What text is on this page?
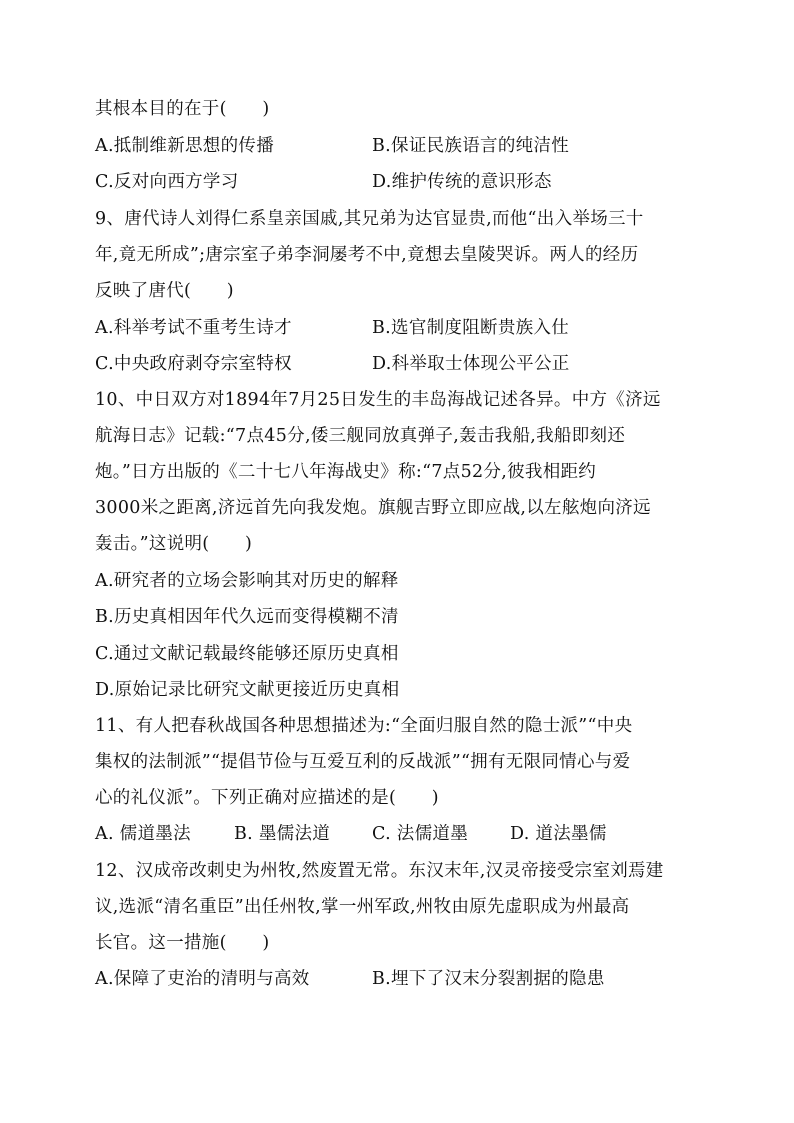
其根本目的在于(　　)
A.抵制维新思想的传播	B.保证民族语言的纯洁性
C.反对向西方学习	D.维护传统的意识形态
9、唐代诗人刘得仁系皇亲国戚,其兄弟为达官显贵,而他“出入举场三十
年,竟无所成”;唐宗室子弟李洞屡考不中,竟想去皇陵哭诉。两人的经历
反映了唐代(　　)
A.科举考试不重考生诗才	B.选官制度阻断贵族入仕
C.中央政府剥夺宗室特权	D.科举取士体现公平公正
10、中日双方对1894年7月25日发生的丰岛海战记述各异。中方《济远
航海日志》记载:“7点45分,倭三舰同放真弹子,轰击我船,我船即刻还
炮。”日方出版的《二十七八年海战史》称:“7点52分,彼我相距约
3000米之距离,济远首先向我发炮。旗舰吉野立即应战,以左舷炮向济远
轰击。”这说明(　　)
A.研究者的立场会影响其对历史的解释
B.历史真相因年代久远而变得模糊不清
C.通过文献记载最终能够还原历史真相
D.原始记录比研究文献更接近历史真相
11、有人把春秋战国各种思想描述为:“全面归服自然的隐士派”“中央
集权的法制派”“提倡节俭与互爱互利的反战派”“拥有无限同情心与爱
心的礼仪派”。下列正确对应描述的是(　　)
A. 儒道墨法 B. 墨儒法道 C. 法儒道墨 D. 道法墨儒
12、汉成帝改刺史为州牧,然废置无常。东汉末年,汉灵帝接受宗室刘焉建
议,选派“清名重臣”出任州牧,掌一州军政,州牧由原先虚职成为州最高
长官。这一措施(　　)
A.保障了吏治的清明与高效	B.埋下了汉末分裂割据的隐患
